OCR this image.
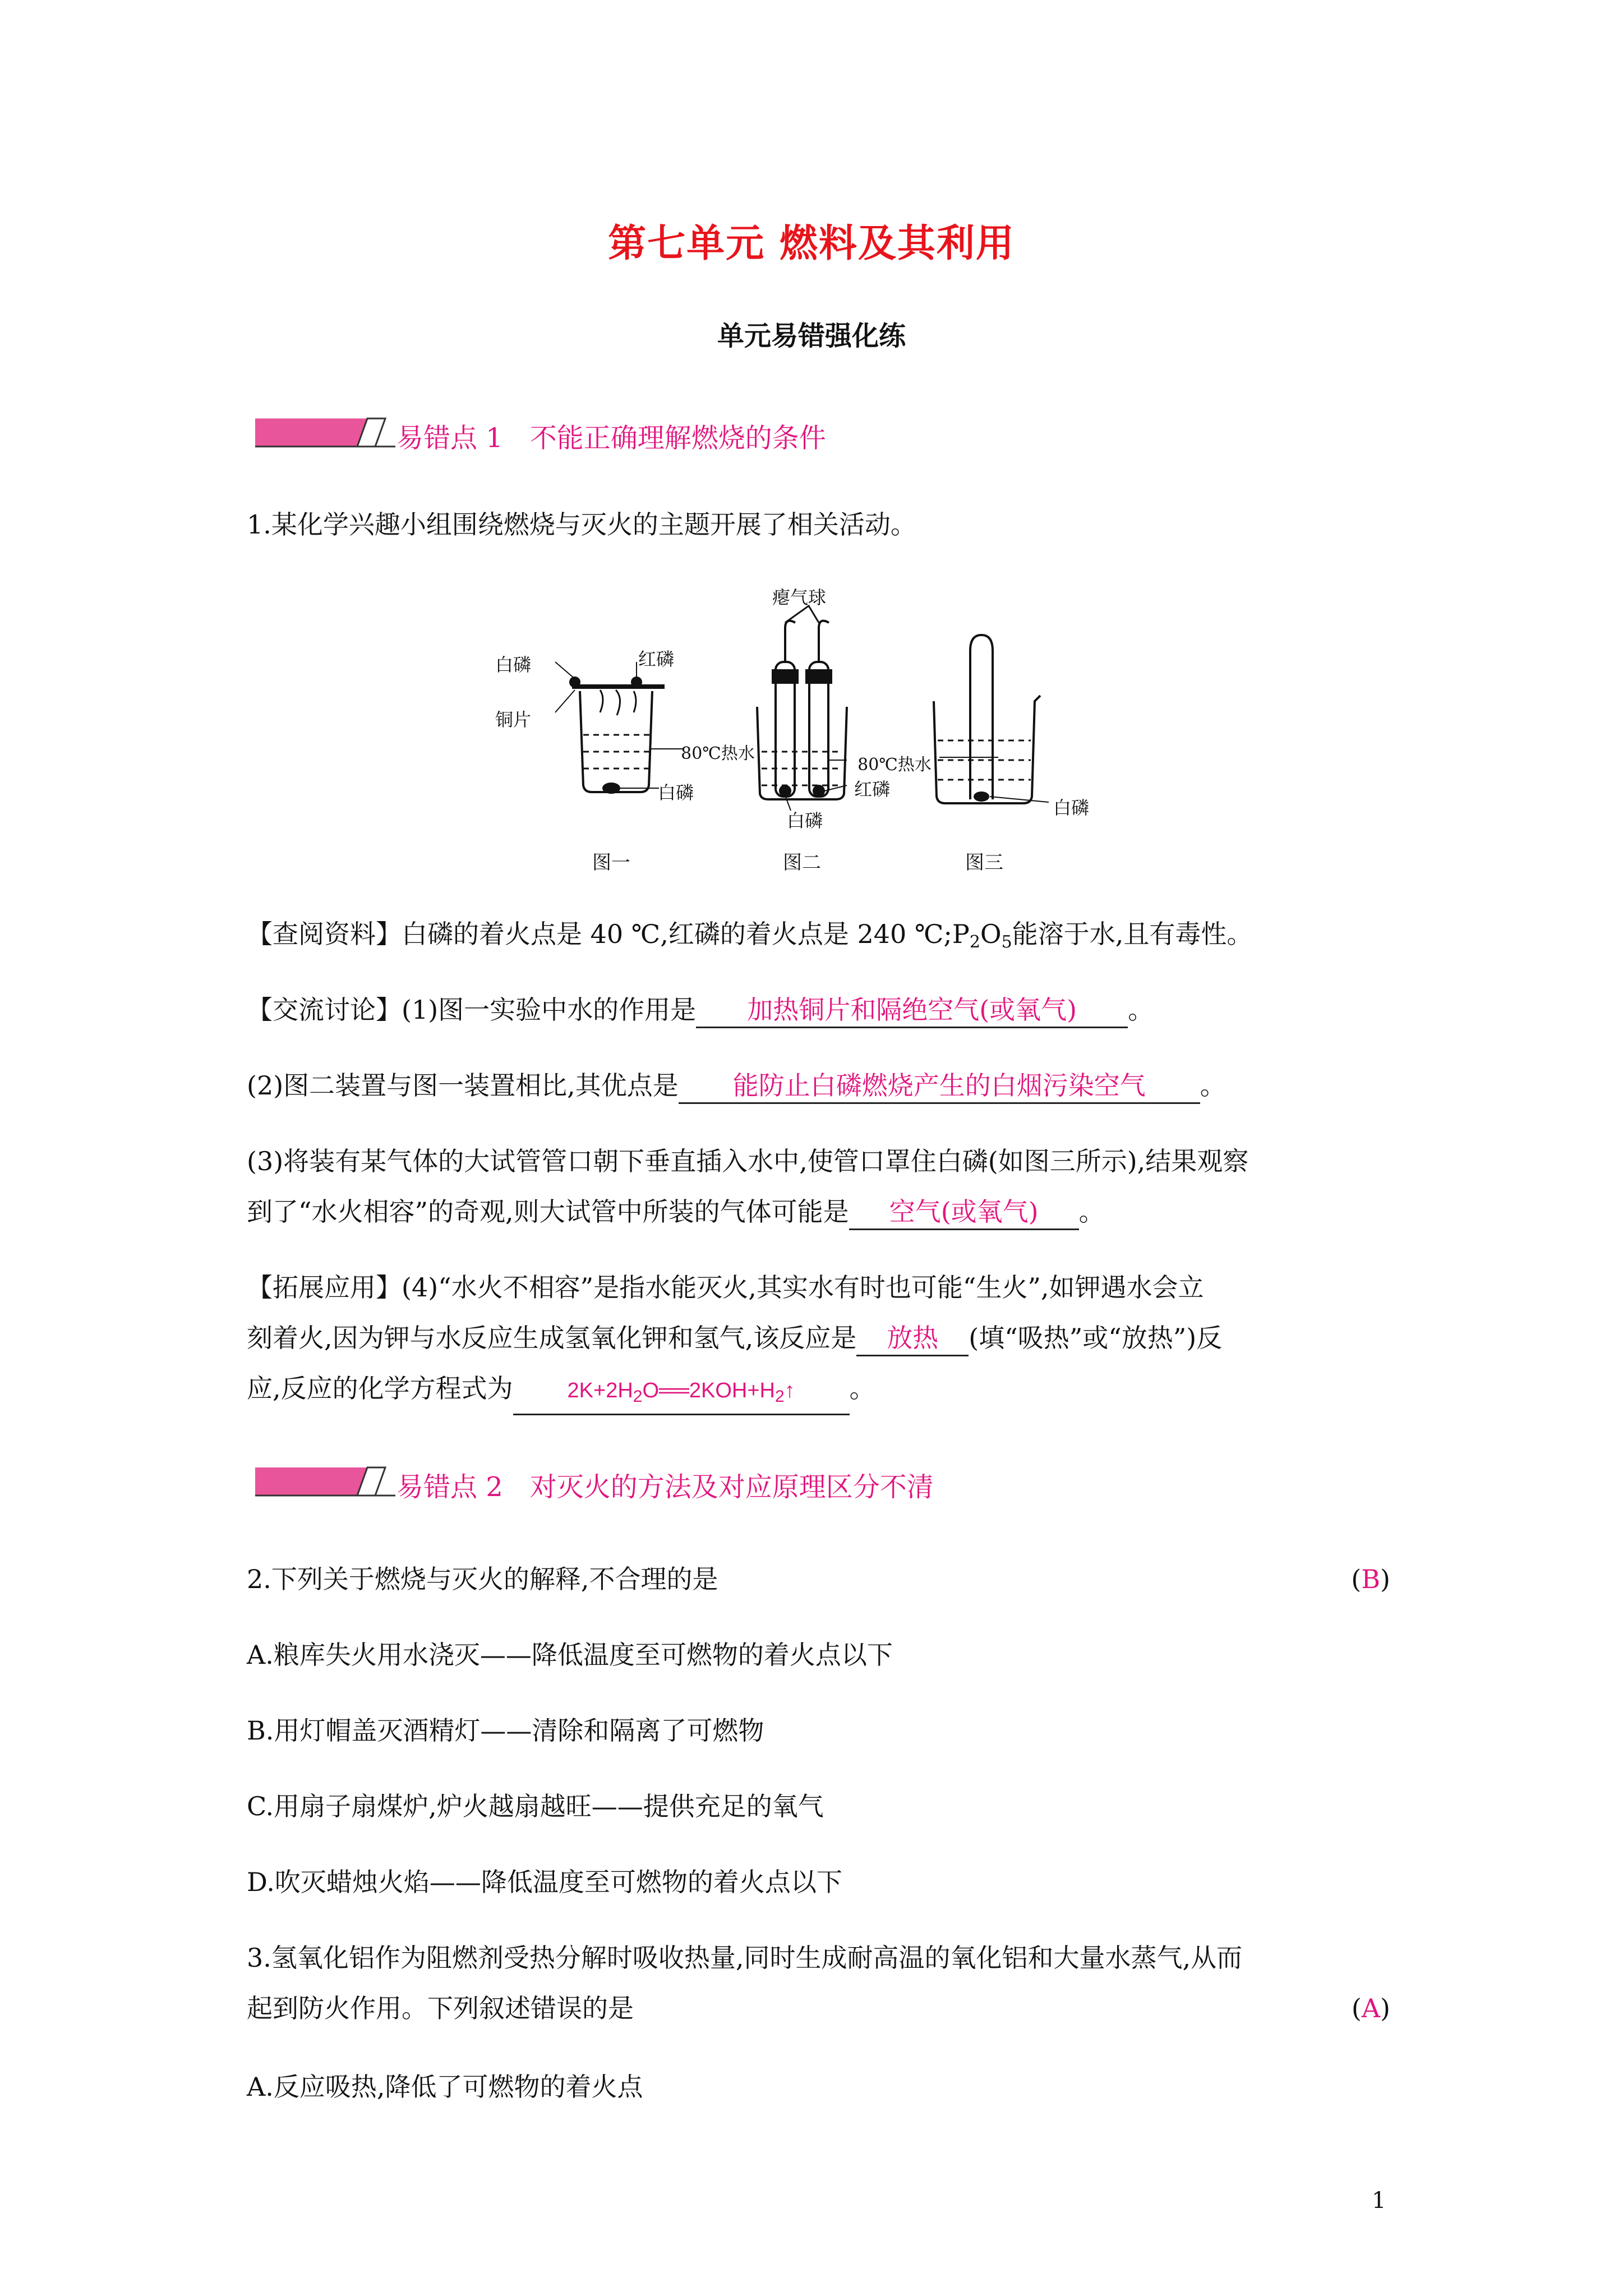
第七单元 燃料及其利用
单元易错强化练
易错点 1　不能正确理解燃烧的条件
1.某化学兴趣小组围绕燃烧与灭火的主题开展了相关活动。
白磷	红磷
铜片
80℃热水
白磷
瘪气球
80℃热水
红磷
白磷
白磷
图一	图二	图三
【查阅资料】白磷的着火点是 40 ℃,红磷的着火点是 240 $℃;P_2O_5$能溶于水,且有毒性。
【交流讨论】(1)图一实验中水的作用是 加热铜片和隔绝空气(或氧气) 。
(2)图二装置与图一装置相比,其优点是 能防止白磷燃烧产生的白烟污染空气 。
(3)将装有某气体的大试管管口朝下垂直插入水中,使管口罩住白磷(如图三所示),结果观察
到了“水火相容”的奇观,则大试管中所装的气体可能是 空气(或氧气) 。
【拓展应用】(4)“水火不相容”是指水能灭火,其实水有时也可能“生火”,如钾遇水会立
刻着火,因为钾与水反应生成氢氧化钾和氢气,该反应是 放热 (填“吸热”或“放热”)反
应,反应的化学方程式为	$2K+2H_2O══2KOH+H_2↑$ 。
易错点 2　对灭火的方法及对应原理区分不清
2.下列关于燃烧与灭火的解释,不合理的是	(B)
A.粮库失火用水浇灭——降低温度至可燃物的着火点以下
B.用灯帽盖灭酒精灯——清除和隔离了可燃物
C.用扇子扇煤炉,炉火越扇越旺——提供充足的氧气
D.吹灭蜡烛火焰——降低温度至可燃物的着火点以下
3.氢氧化铝作为阻燃剂受热分解时吸收热量,同时生成耐高温的氧化铝和大量水蒸气,从而
起到防火作用。下列叙述错误的是	(A)
A.反应吸热,降低了可燃物的着火点
1
